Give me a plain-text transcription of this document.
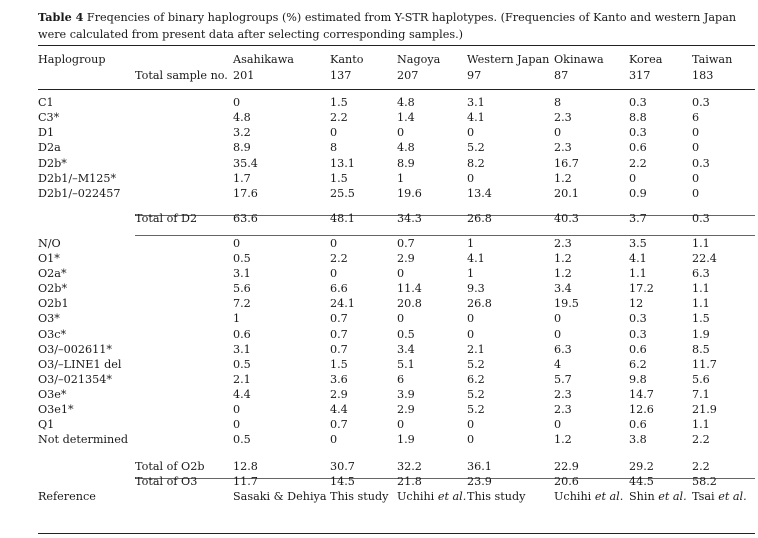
Table 4 Freqencies of binary haplogroups (%) estimated from Y-STR haplotypes. (Frequencies of Kanto and western Japan were calculated from present data after selecting corresponding samples.)
Haplogroup		Asahikawa	Kanto	Nagoya	Western Japan	Okinawa	Korea	Taiwan
	Total sample no.	201	137	207	97	87	317	183

C1		0	1.5	4.8	3.1	8	0.3	0.3
C3*		4.8	2.2	1.4	4.1	2.3	8.8	6
D1		3.2	0	0	0	0	0.3	0
D2a		8.9	8	4.8	5.2	2.3	0.6	0
D2b*		35.4	13.1	8.9	8.2	16.7	2.2	0.3
D2b1/–M125*		1.7	1.5	1	0	1.2	0	0
D2b1/–022457		17.6	25.5	19.6	13.4	20.1	0.9	0

	Total of D2	63.6	48.1	34.3	26.8	40.3	3.7	0.3

N/O		0	0	0.7	1	2.3	3.5	1.1
O1*		0.5	2.2	2.9	4.1	1.2	4.1	22.4
O2a*		3.1	0	0	1	1.2	1.1	6.3
O2b*		5.6	6.6	11.4	9.3	3.4	17.2	1.1
O2b1		7.2	24.1	20.8	26.8	19.5	12	1.1
O3*		1	0.7	0	0	0	0.3	1.5
O3c*		0.6	0.7	0.5	0	0	0.3	1.9
O3/–002611*		3.1	0.7	3.4	2.1	6.3	0.6	8.5
O3/–LINE1 del		0.5	1.5	5.1	5.2	4	6.2	11.7
O3/–021354*		2.1	3.6	6	6.2	5.7	9.8	5.6
O3e*		4.4	2.9	3.9	5.2	2.3	14.7	7.1
O3e1*		0	4.4	2.9	5.2	2.3	12.6	21.9
Q1		0	0.7	0	0	0	0.6	1.1
Not determined		0.5	0	1.9	0	1.2	3.8	2.2

	Total of O2b	12.8	30.7	32.2	36.1	22.9	29.2	2.2
	Total of O3	11.7	14.5	21.8	23.9	20.6	44.5	58.2
Reference		Sasaki & Dehiya	This study	Uchihi et al.	This study	Uchihi et al.	Shin et al.	Tsai et al.
